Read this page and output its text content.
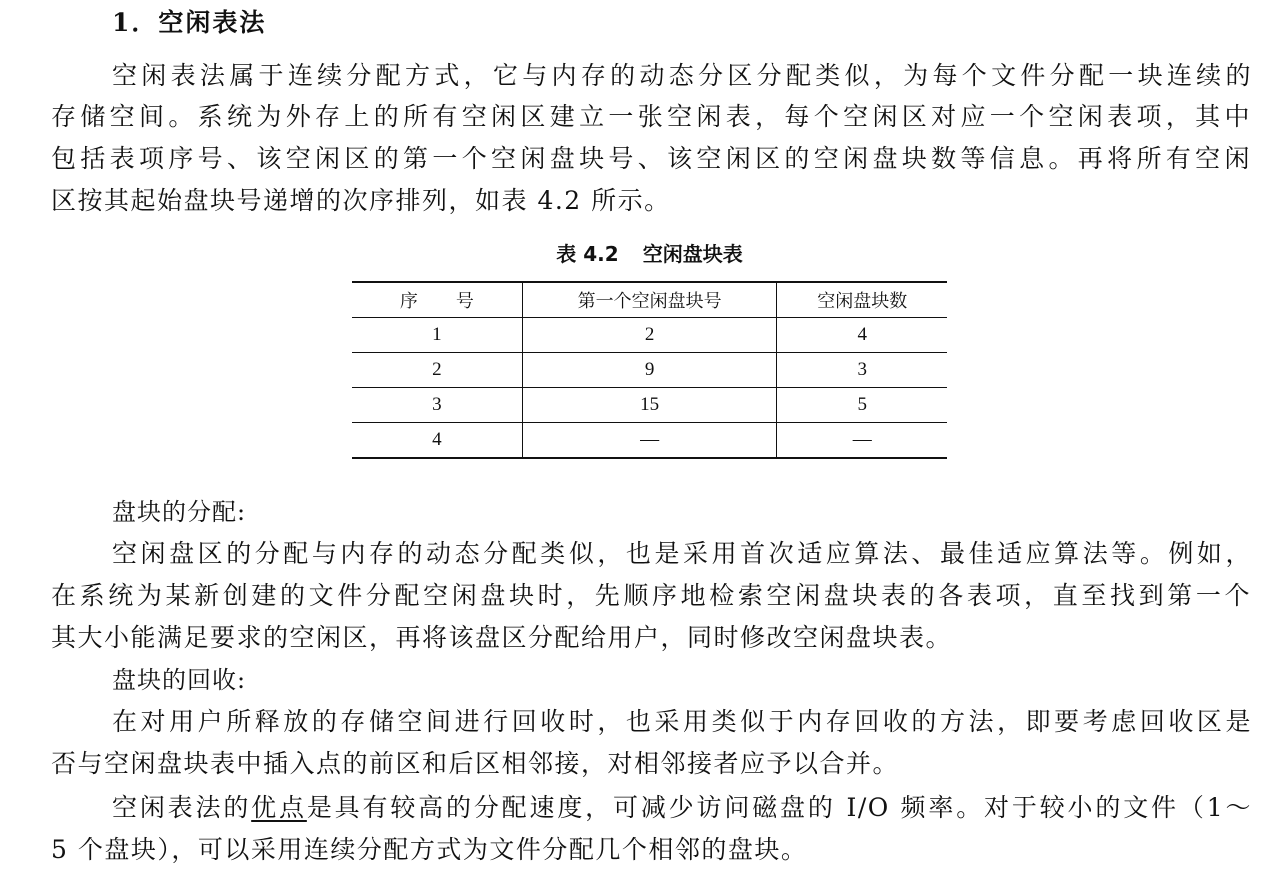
1．空闲表法
空闲表法属于连续分配方式，它与内存的动态分区分配类似，为每个文件分配一块连续的
存储空间。系统为外存上的所有空闲区建立一张空闲表，每个空闲区对应一个空闲表项，其中
包括表项序号、该空闲区的第一个空闲盘块号、该空闲区的空闲盘块数等信息。再将所有空闲
区按其起始盘块号递增的次序排列，如表 4.2 所示。
表 4.2 空闲盘块表
序号	第一个空闲盘块号	空闲盘块数
1	2	4
2	9	3
3	15	5
4	—	—
盘块的分配:
空闲盘区的分配与内存的动态分配类似，也是采用首次适应算法、最佳适应算法等。例如，
在系统为某新创建的文件分配空闲盘块时，先顺序地检索空闲盘块表的各表项，直至找到第一个
其大小能满足要求的空闲区，再将该盘区分配给用户，同时修改空闲盘块表。
盘块的回收:
在对用户所释放的存储空间进行回收时，也采用类似于内存回收的方法，即要考虑回收区是
否与空闲盘块表中插入点的前区和后区相邻接，对相邻接者应予以合并。
空闲表法的优点是具有较高的分配速度，可减少访问磁盘的 I/O 频率。对于较小的文件（1～
5 个盘块），可以采用连续分配方式为文件分配几个相邻的盘块。
